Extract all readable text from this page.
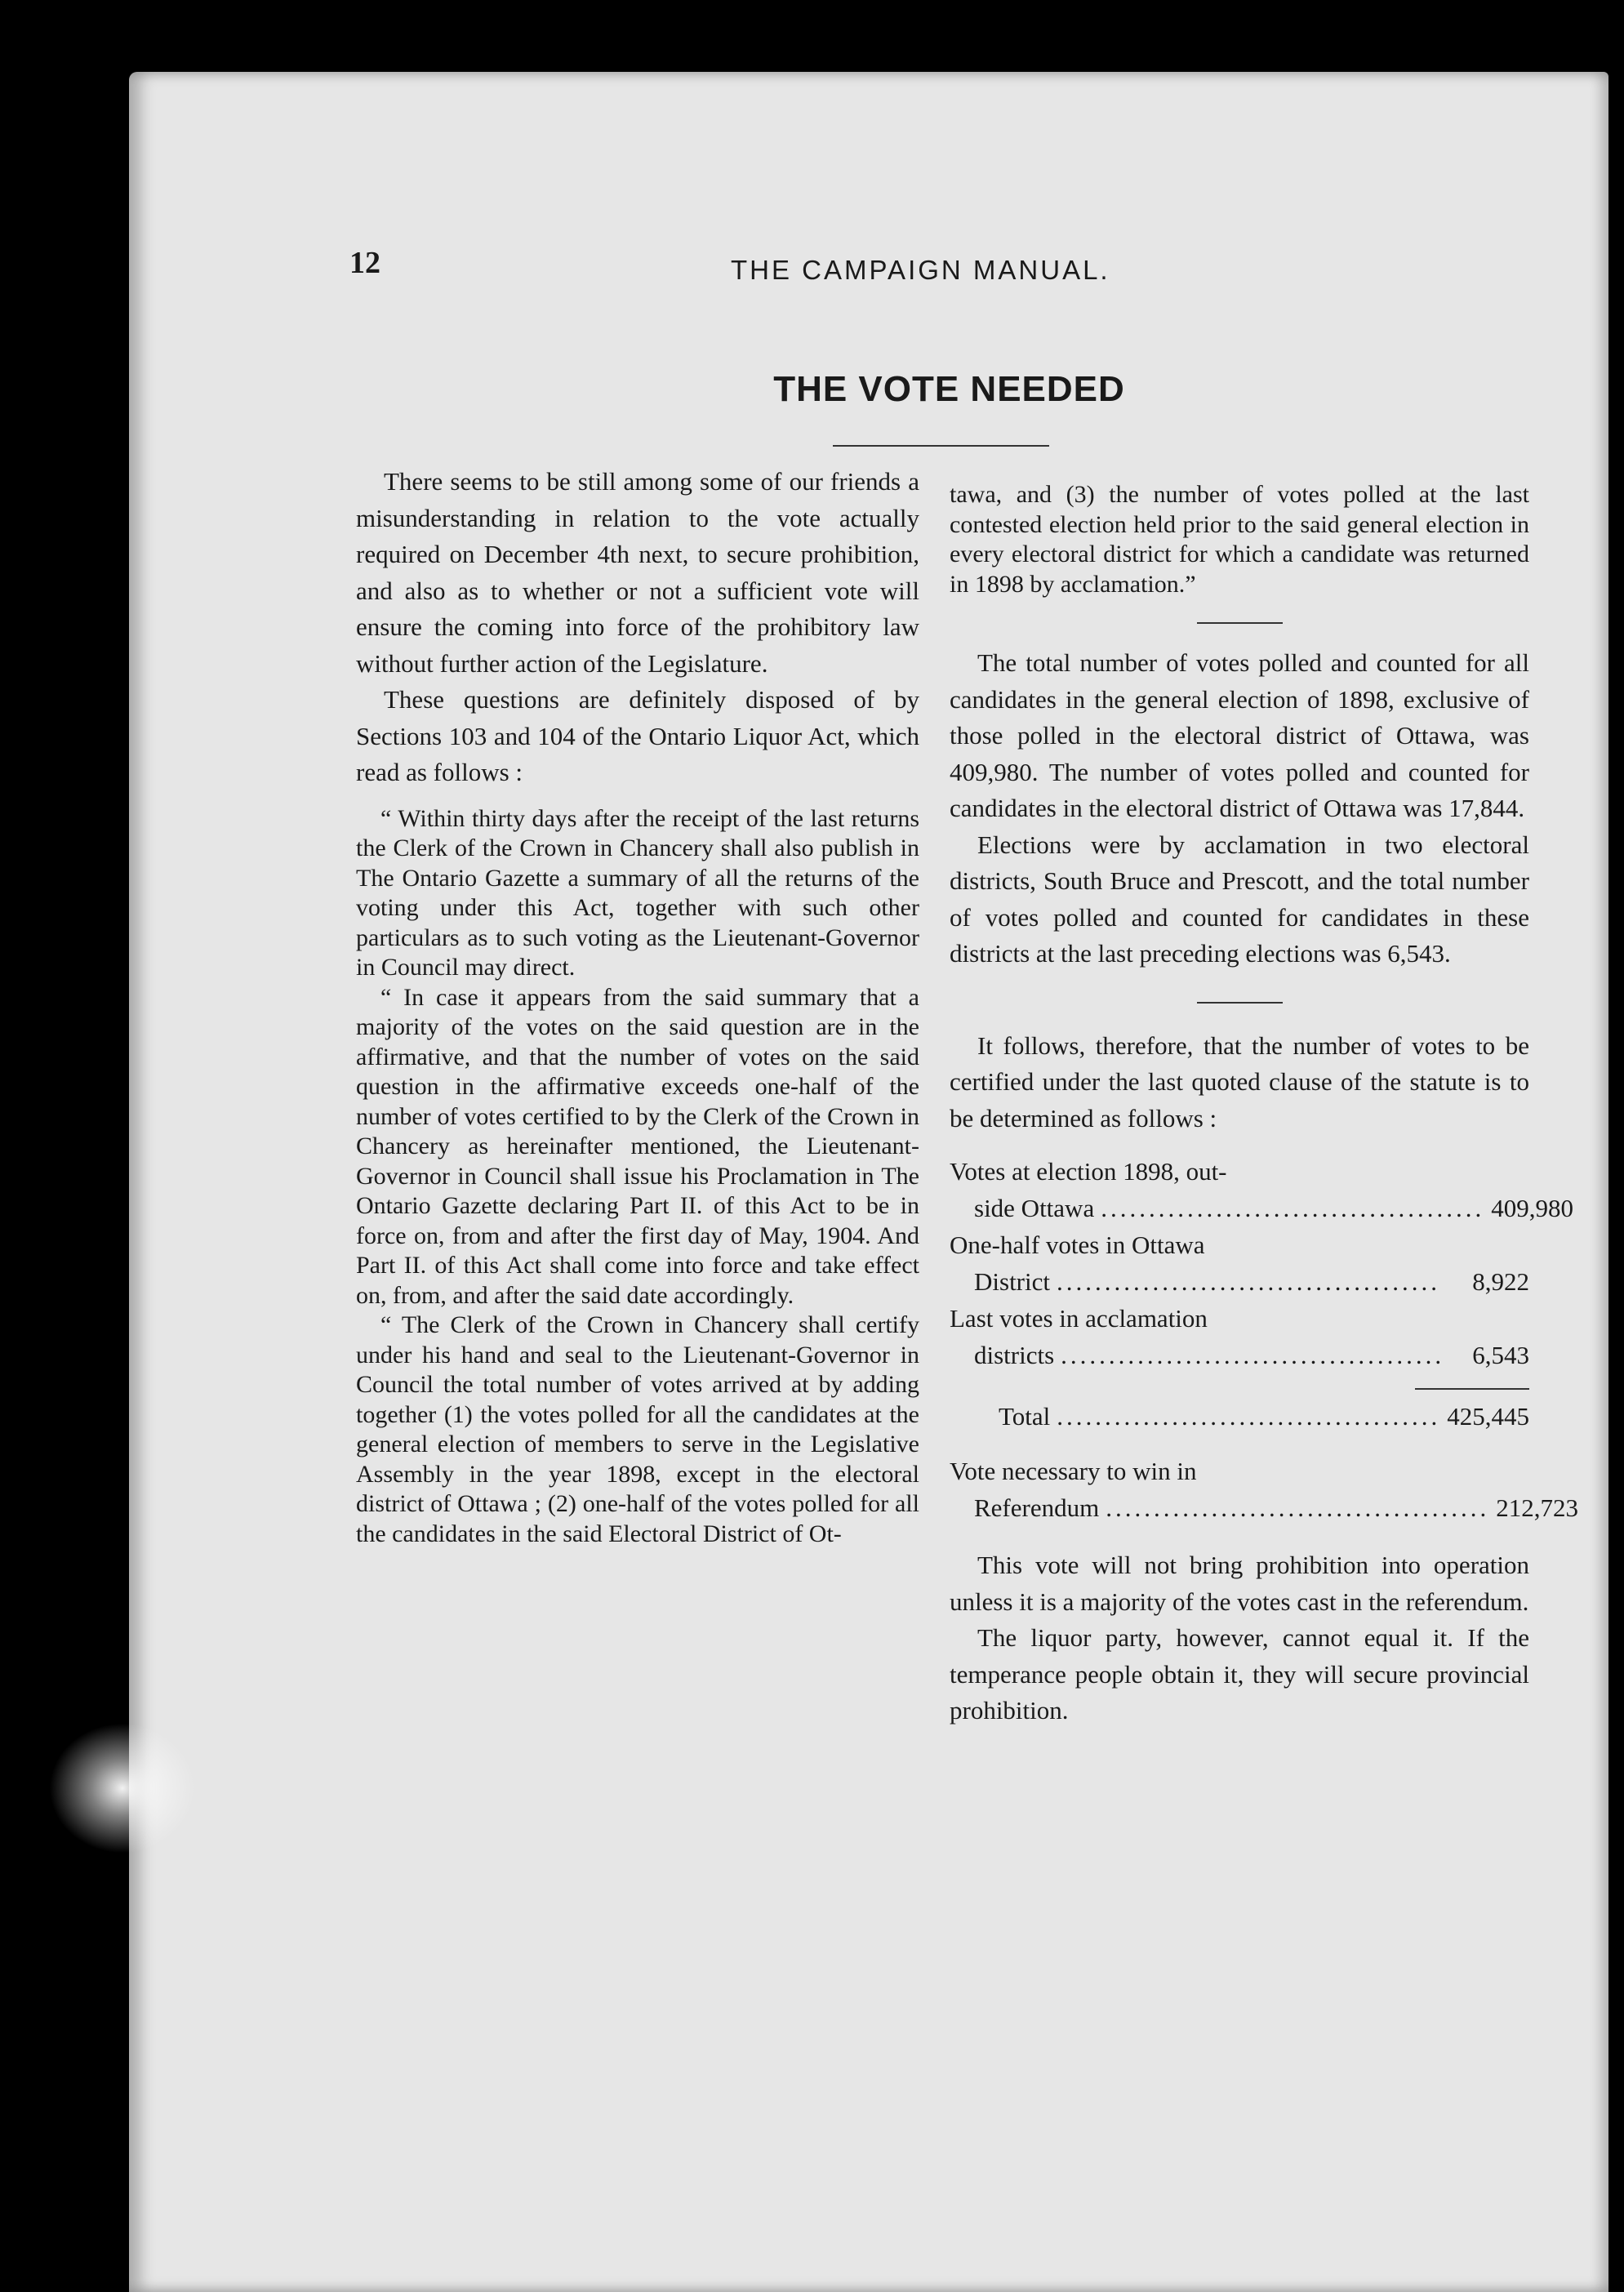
12	THE CAMPAIGN MANUAL.
THE VOTE NEEDED

There seems to be still among some of our friends a misunderstanding in relation to the vote actually required on December 4th next, to secure prohibition, and also as to whether or not a sufficient vote will ensure the coming into force of the prohibitory law without further action of the Legislature.

These questions are definitely disposed of by Sections 103 and 104 of the Ontario Liquor Act, which read as follows :

“ Within thirty days after the receipt of the last returns the Clerk of the Crown in Chancery shall also publish in The Ontario Gazette a summary of all the returns of the voting under this Act, together with such other particulars as to such voting as the Lieutenant-Governor in Council may direct.

“ In case it appears from the said summary that a majority of the votes on the said question are in the affirmative, and that the number of votes on the said question in the affirmative exceeds one-half of the number of votes certified to by the Clerk of the Crown in Chancery as hereinafter mentioned, the Lieutenant-Governor in Council shall issue his Proclamation in The Ontario Gazette declaring Part II. of this Act to be in force on, from and after the first day of May, 1904. And Part II. of this Act shall come into force and take effect on, from, and after the said date accordingly.

“ The Clerk of the Crown in Chancery shall certify under his hand and seal to the Lieutenant-Governor in Council the total number of votes arrived at by adding together (1) the votes polled for all the candidates at the general election of members to serve in the Legislative Assembly in the year 1898, except in the electoral district of Ottawa ; (2) one-half of the votes polled for all the candidates in the said Electoral District of Ot-

tawa, and (3) the number of votes polled at the last contested election held prior to the said general election in every electoral district for which a candidate was returned in 1898 by acclamation.”

The total number of votes polled and counted for all candidates in the general election of 1898, exclusive of those polled in the electoral district of Ottawa, was 409,980. The number of votes polled and counted for candidates in the electoral district of Ottawa was 17,844.

Elections were by acclamation in two electoral districts, South Bruce and Prescott, and the total number of votes polled and counted for candidates in these districts at the last preceding elections was 6,543.

It follows, therefore, that the number of votes to be certified under the last quoted clause of the statute is to be determined as follows :

Votes at election 1898, out-
side Ottawa ........................................ 409,980
One-half votes in Ottawa
District ........................................	8,922
Last votes in acclamation
districts ........................................	6,543
Total ........................................ 425,445
Vote necessary to win in
Referendum ........................................ 212,723

This vote will not bring prohibition into operation unless it is a majority of the votes cast in the referendum.

The liquor party, however, cannot equal it. If the temperance people obtain it, they will secure provincial prohibition.
